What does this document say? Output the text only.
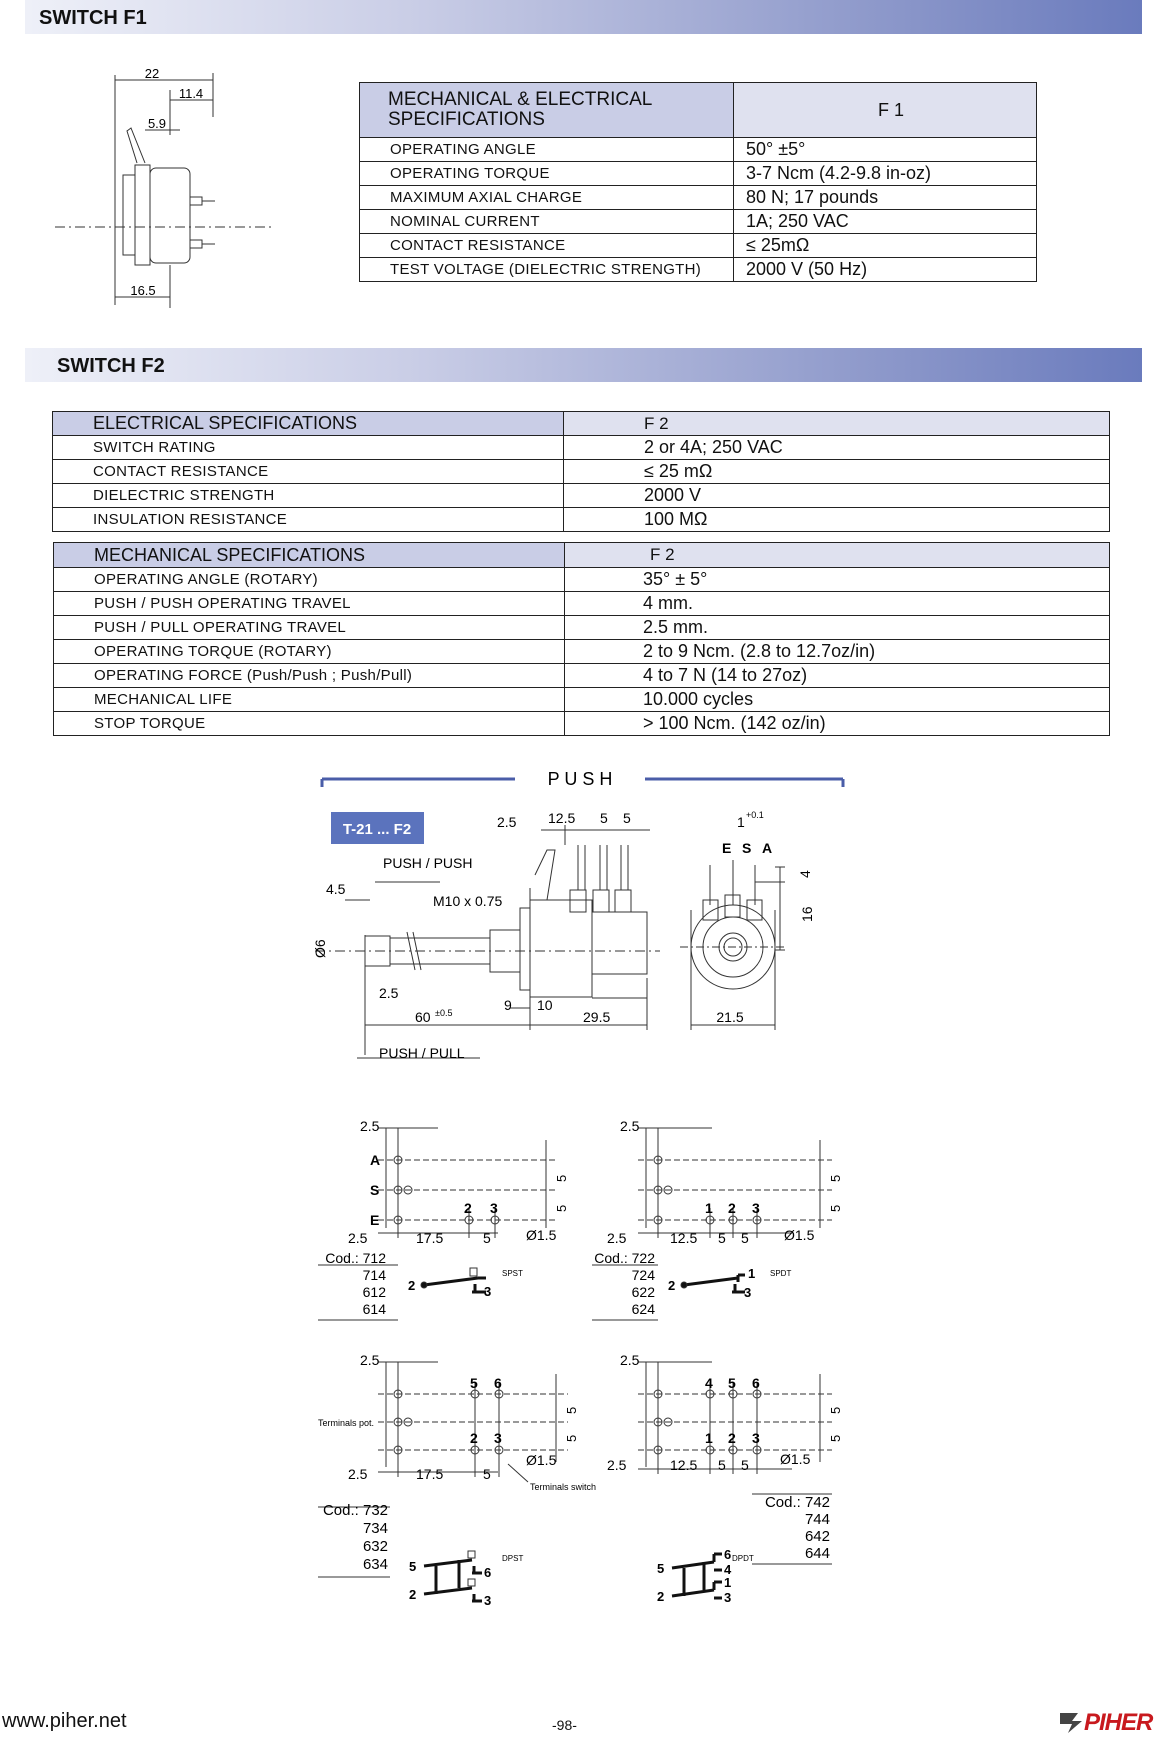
SWITCH F1
22
11.4
5.9
16.5
MECHANICAL & ELECTRICAL SPECIFICATIONS	F 1
OPERATING ANGLE	50° ±5°
OPERATING TORQUE	3-7 Ncm (4.2-9.8 in-oz)
MAXIMUM AXIAL CHARGE	80 N; 17 pounds
NOMINAL CURRENT	1A; 250 VAC
CONTACT RESISTANCE	≤ 25mΩ
TEST VOLTAGE (DIELECTRIC STRENGTH)	2000 V (50 Hz)
SWITCH F2
ELECTRICAL SPECIFICATIONS	F 2
SWITCH RATING	2 or 4A; 250 VAC
CONTACT RESISTANCE	≤ 25 mΩ
DIELECTRIC STRENGTH	2000 V
INSULATION RESISTANCE	100 MΩ
MECHANICAL SPECIFICATIONS	F 2
OPERATING ANGLE (ROTARY)	35° ± 5°
PUSH / PUSH OPERATING TRAVEL	4 mm.
PUSH / PULL OPERATING TRAVEL	2.5 mm.
OPERATING TORQUE (ROTARY)	2 to 9 Ncm. (2.8 to 12.7oz/in)
OPERATING FORCE (Push/Push ; Push/Pull)	4 to 7 N (14 to 27oz)
MECHANICAL LIFE	10.000 cycles
STOP TORQUE	> 100 Ncm. (142 oz/in)
P U S H
T-21 ... F2
PUSH / PUSH
PUSH / PULL
M10 x 0.75
Ø6
4.5
2.5
2.5 12.5 5 5
60 ±0.5	9 10
29.5	21.5
1 +0.1
4
16
E S A
2.5
A
S
E
2 3
2.5	17.5	5	Ø1.5
5
5
Cod.: 712
714
612
614
2	3
SPST
2.5
1 2 3
2.5	12.5 5 5	Ø1.5
5
5
Cod.: 722
724
622
624
2
1
3
SPDT
2.5
Terminals pot.
5 6
2 3
2.5	17.5	5
Ø1.5
Terminals switch
5
5
Cod.: 732
734
632
634 5	6
2	3
DPST
2.5
4 5 6
1 2 3
2.5	12.5 5 5 Ø1.5
5
5
Cod.: 742
744
642
644
5
6
4
2
1
3
DPDT
www.piher.net	-98-	PIHER
